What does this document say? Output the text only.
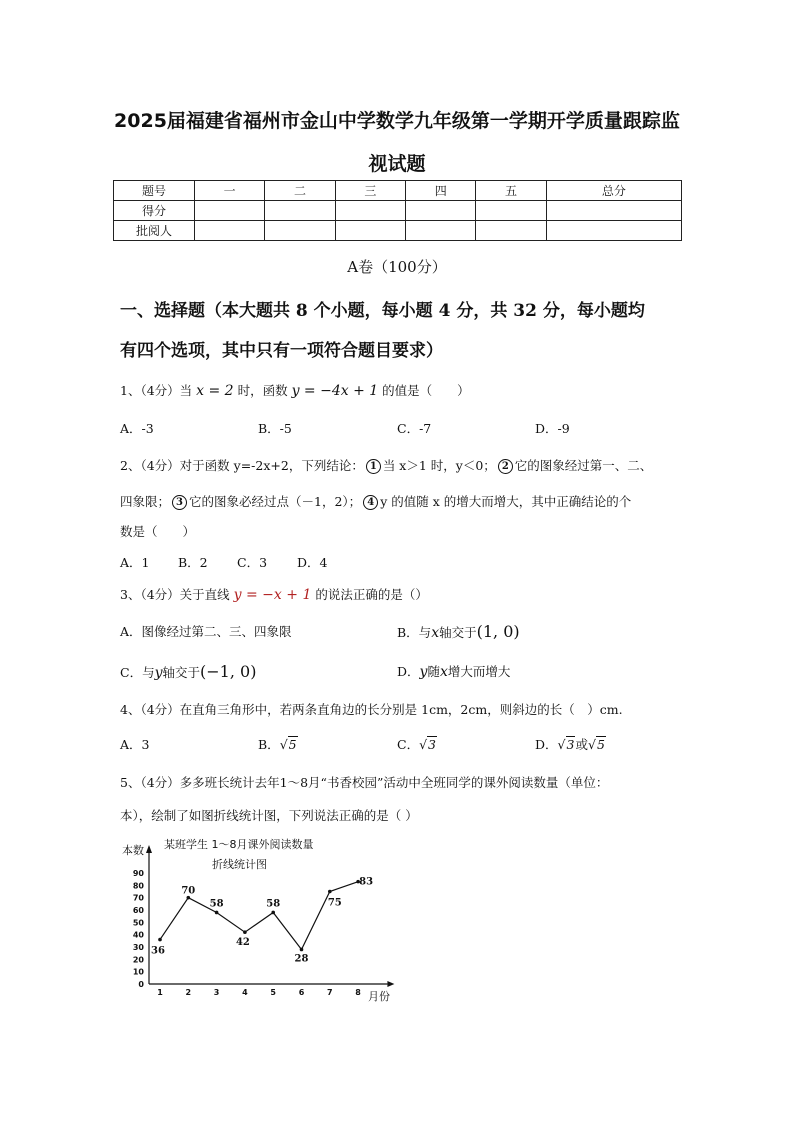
2025届福建省福州市金山中学数学九年级第一学期开学质量跟踪监
视试题
题号	一	二	三	四	五	总分
得分						
批阅人						
A卷（100分）
一、选择题（本大题共 8 个小题，每小题 4 分，共 32 分，每小题均
有四个选项，其中只有一项符合题目要求）
1、（4分）当 x = 2 时，函数 y = −4x + 1 的值是（　　）
A．-3	B．-5	C．-7	D．-9
2、（4分）对于函数 y=-2x+2，下列结论： 1 当 x＞1 时，y＜0； 2 它的图象经过第一、二、
四象限； 3 它的图象必经过点（－1，2）； 4 y 的值随 x 的增大而增大，其中正确结论的个
数是（　　）
A．1 B．2 C．3 D．4
3、（4分）关于直线 y = −x + 1 的说法正确的是（）
A．图像经过第二、三、四象限	B．与x轴交于(1, 0)
C．与y轴交于(−1, 0)	D．y随x增大而增大
4、（4分）在直角三角形中，若两条直角边的长分别是 1cm，2cm，则斜边的长（　）cm.
A．3	B．√5	C．√3	D．√3或√5
5、（4分）多多班长统计去年1～8月“书香校园”活动中全班同学的课外阅读数量（单位：
本），绘制了如图折线统计图，下列说法正确的是（ ）
本数
月份
某班学生 1～8月课外阅读数量
折线统计图
0
10
20
30
40
50
60
70
80
90
1	2	3	4	5	6	7	8
36
70
58
42
58
28
75
83
